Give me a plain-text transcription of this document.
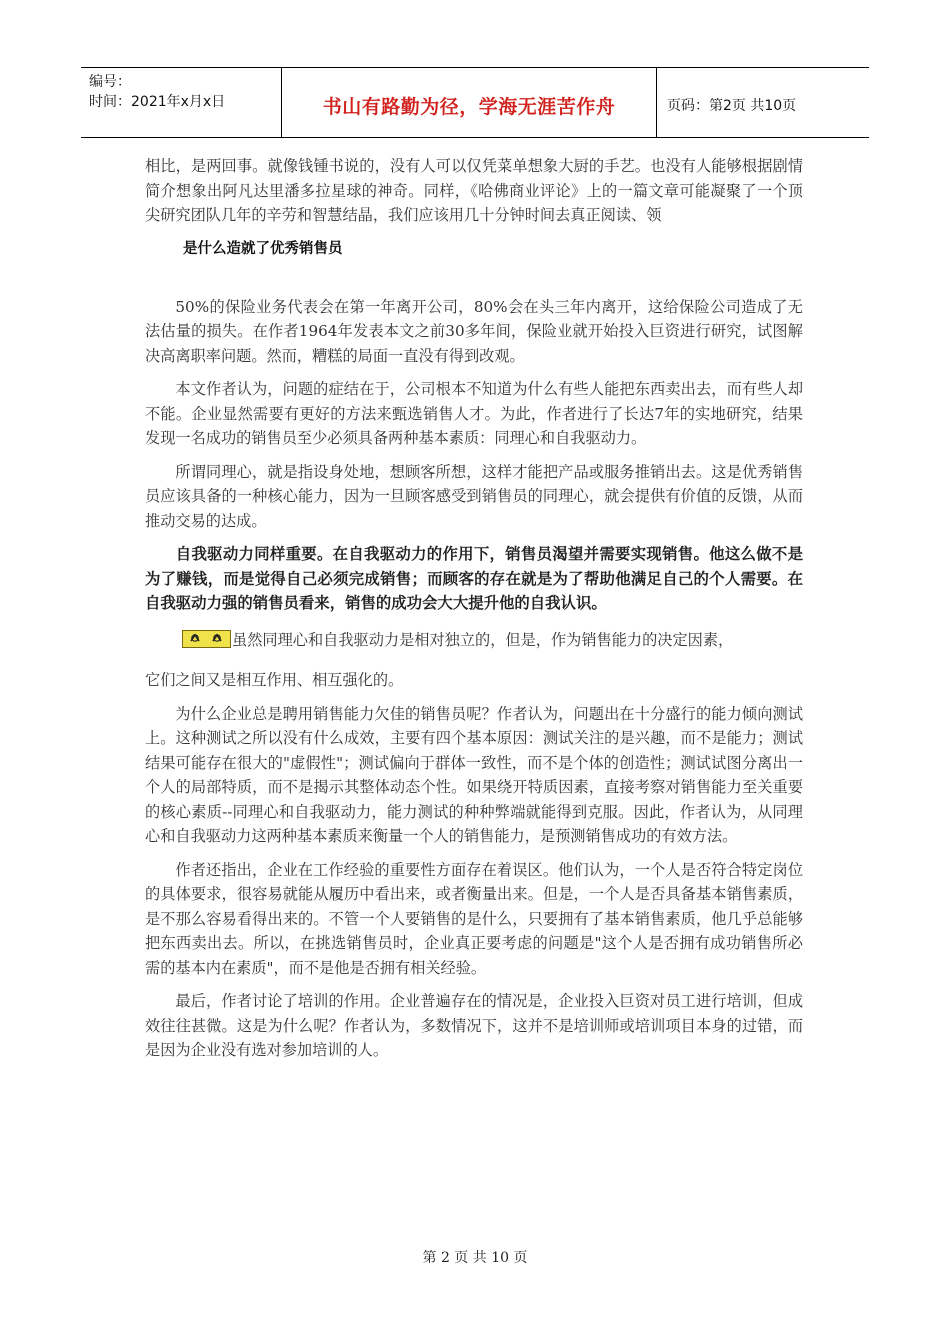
编号：
时间：2021年x月x日	书山有路勤为径，学海无涯苦作舟	页码：第2页 共10页

相比，是两回事。就像钱锺书说的，没有人可以仅凭菜单想象大厨的手艺。也没有人能够根据剧情简介想象出阿凡达里潘多拉星球的神奇。同样，《哈佛商业评论》上的一篇文章可能凝聚了一个顶尖研究团队几年的辛劳和智慧结晶，我们应该用几十分钟时间去真正阅读、领

是什么造就了优秀销售员

50%的保险业务代表会在第一年离开公司，80%会在头三年内离开，这给保险公司造成了无法估量的损失。在作者1964年发表本文之前30多年间，保险业就开始投入巨资进行研究，试图解决高离职率问题。然而，糟糕的局面一直没有得到改观。

本文作者认为，问题的症结在于，公司根本不知道为什么有些人能把东西卖出去，而有些人却不能。企业显然需要有更好的方法来甄选销售人才。为此，作者进行了长达7年的实地研究，结果发现一名成功的销售员至少必须具备两种基本素质：同理心和自我驱动力。

所谓同理心，就是指设身处地，想顾客所想，这样才能把产品或服务推销出去。这是优秀销售员应该具备的一种核心能力，因为一旦顾客感受到销售员的同理心，就会提供有价值的反馈，从而推动交易的达成。

自我驱动力同样重要。在自我驱动力的作用下，销售员渴望并需要实现销售。他这么做不是为了赚钱，而是觉得自己必须完成销售；而顾客的存在就是为了帮助他满足自己的个人需要。在自我驱动力强的销售员看来，销售的成功会大大提升他的自我认识。

虽然同理心和自我驱动力是相对独立的，但是，作为销售能力的决定因素，

它们之间又是相互作用、相互强化的。

为什么企业总是聘用销售能力欠佳的销售员呢？作者认为，问题出在十分盛行的能力倾向测试上。这种测试之所以没有什么成效，主要有四个基本原因：测试关注的是兴趣，而不是能力；测试结果可能存在很大的"虚假性"；测试偏向于群体一致性，而不是个体的创造性；测试试图分离出一个人的局部特质，而不是揭示其整体动态个性。如果绕开特质因素，直接考察对销售能力至关重要的核心素质--同理心和自我驱动力，能力测试的种种弊端就能得到克服。因此，作者认为，从同理心和自我驱动力这两种基本素质来衡量一个人的销售能力，是预测销售成功的有效方法。

作者还指出，企业在工作经验的重要性方面存在着误区。他们认为，一个人是否符合特定岗位的具体要求，很容易就能从履历中看出来，或者衡量出来。但是，一个人是否具备基本销售素质，是不那么容易看得出来的。不管一个人要销售的是什么，只要拥有了基本销售素质，他几乎总能够把东西卖出去。所以，在挑选销售员时，企业真正要考虑的问题是"这个人是否拥有成功销售所必需的基本内在素质"，而不是他是否拥有相关经验。

最后，作者讨论了培训的作用。企业普遍存在的情况是，企业投入巨资对员工进行培训，但成效往往甚微。这是为什么呢？作者认为，多数情况下，这并不是培训师或培训项目本身的过错，而是因为企业没有选对参加培训的人。

第 2 页 共 10 页
